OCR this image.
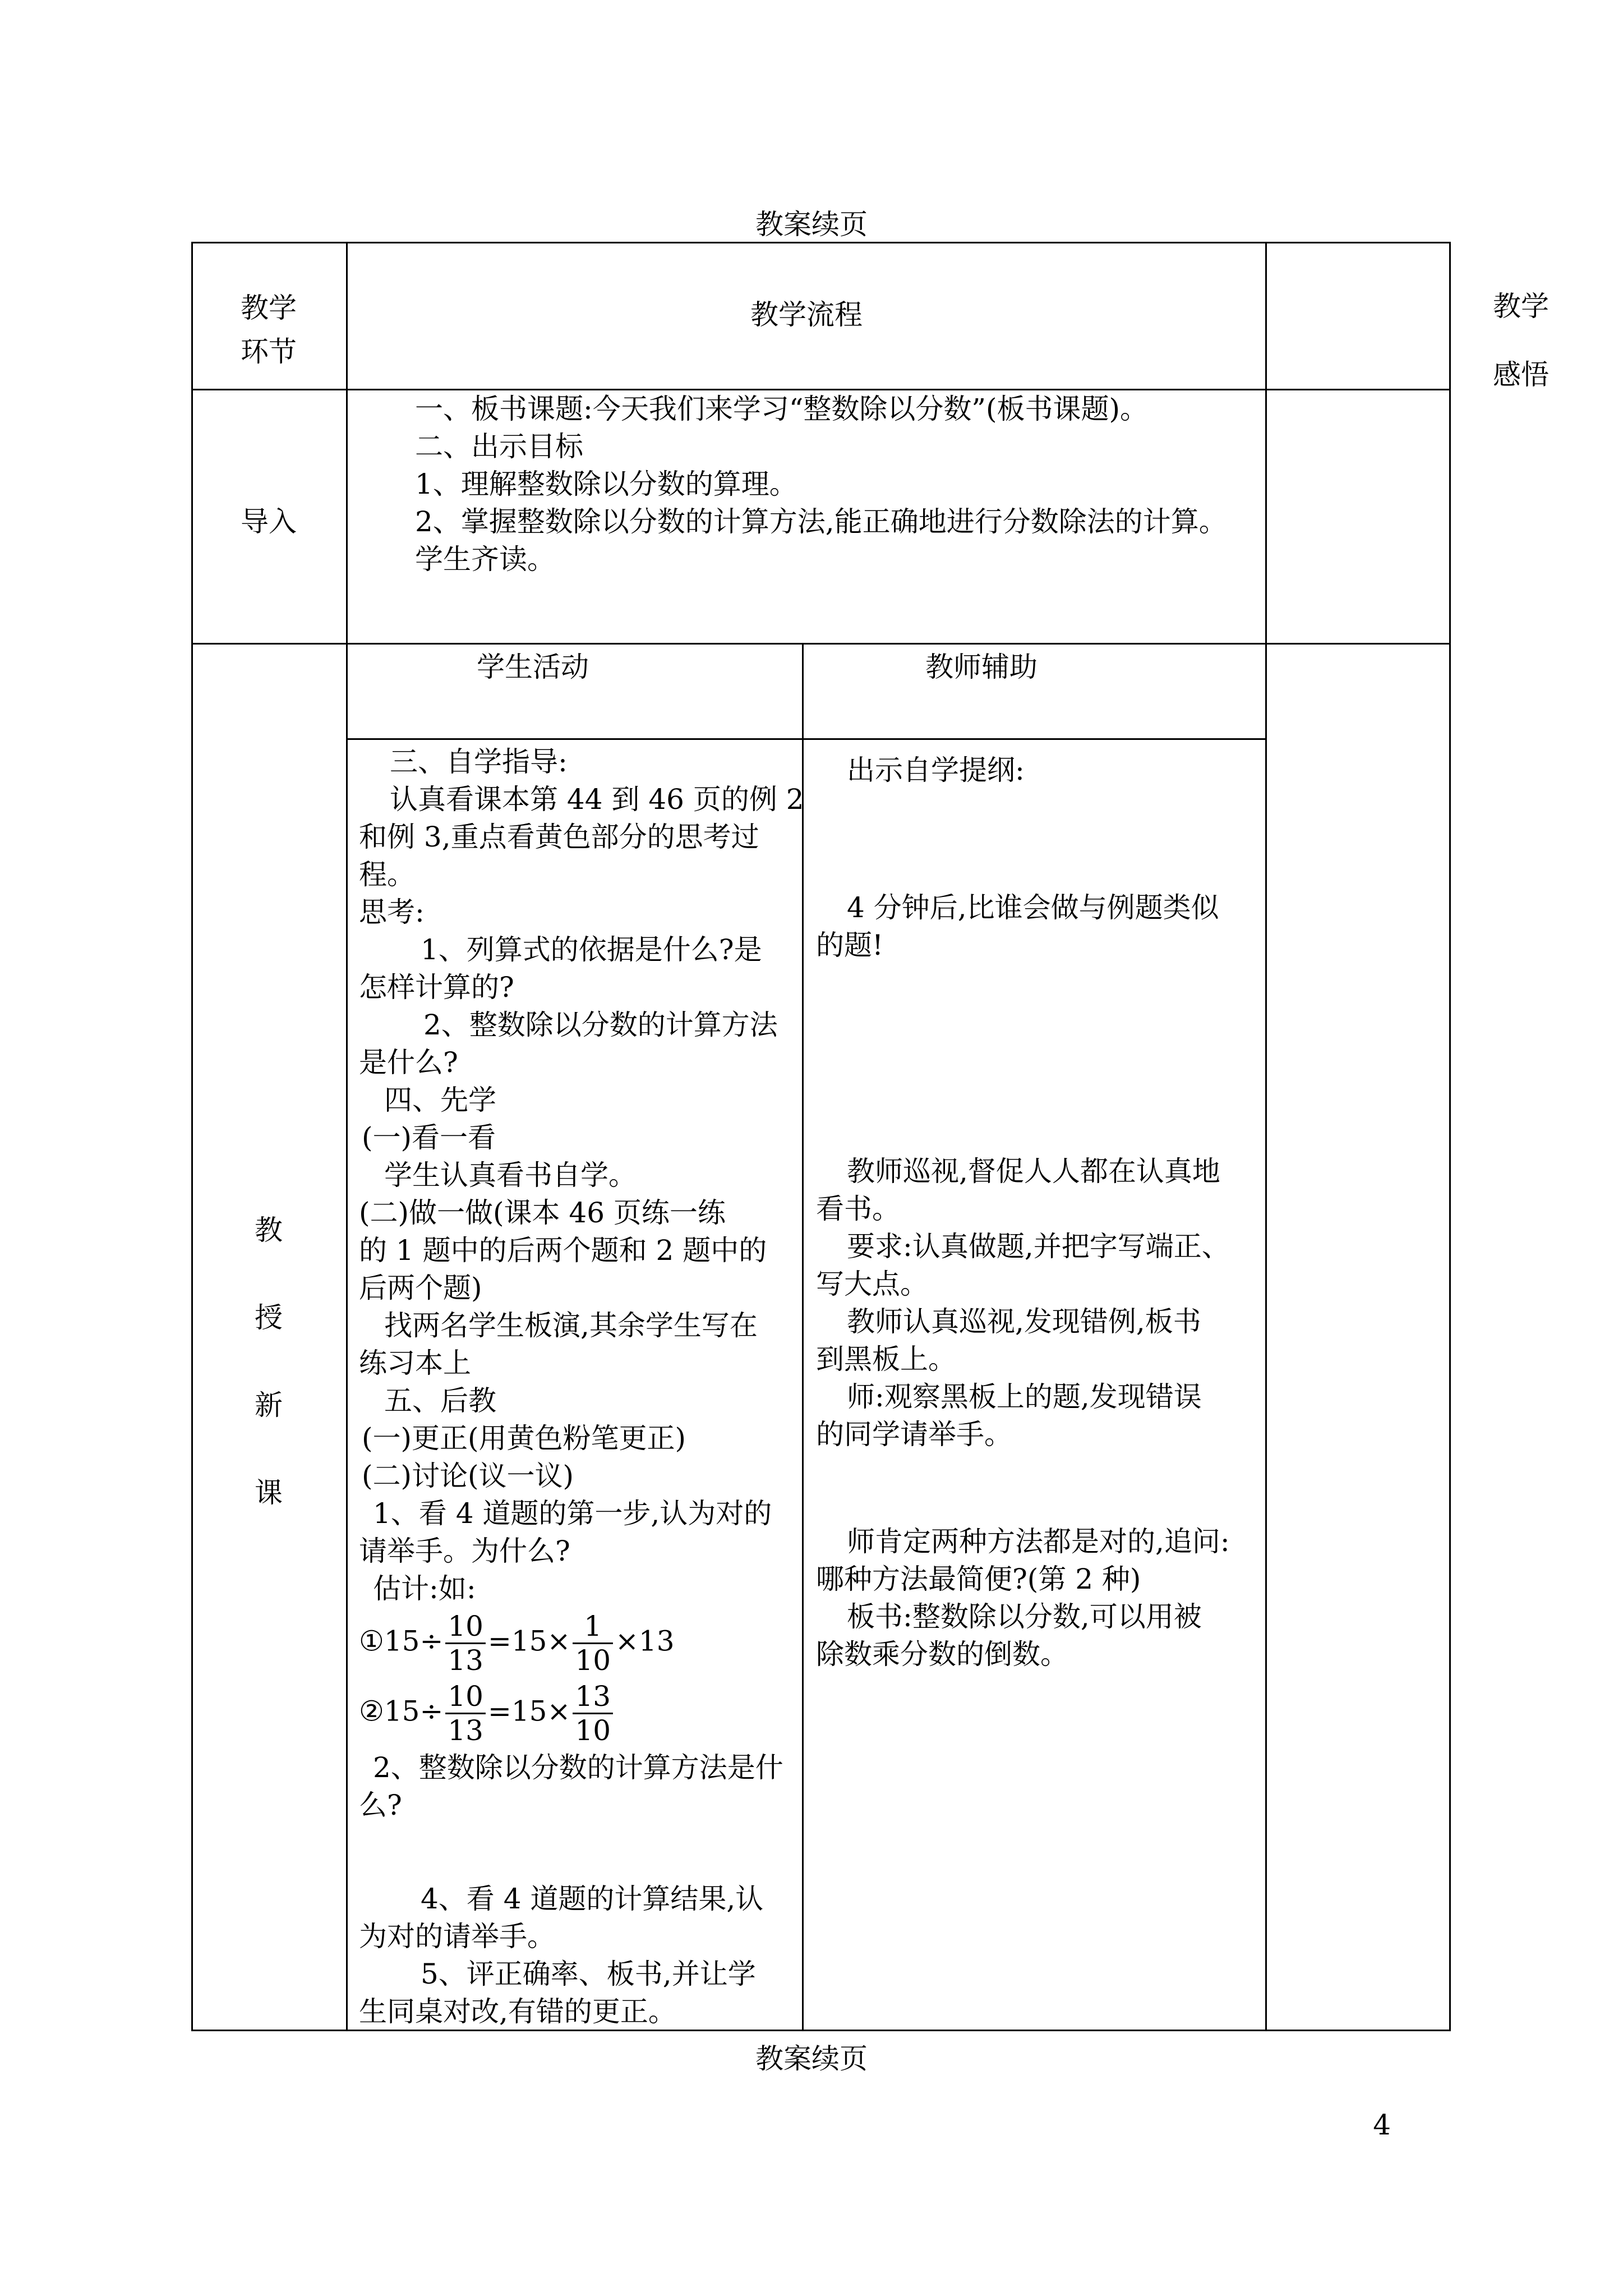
教案续页
教学
环节
教学流程	教学
感悟
导入
一、板书课题:今天我们来学习“整数除以分数”(板书课题)。
二、出示目标
1、理解整数除以分数的算理。
2、掌握整数除以分数的计算方法,能正确地进行分数除法的计算。
学生齐读。
教
授
新
课
学生活动	教师辅助
三、自学指导:
认真看课本第 44 到 46 页的例 2
和例 3,重点看黄色部分的思考过
程。
思考:
1、列算式的依据是什么?是
怎样计算的?
2、整数除以分数的计算方法
是什么?
四、先学
(一)看一看
学生认真看书自学。
(二)做一做(课本 46 页练一练
的 1 题中的后两个题和 2 题中的
后两个题)
找两名学生板演,其余学生写在
练习本上
五、后教
(一)更正(用黄色粉笔更正)
(二)讨论(议一议)
1、看 4 道题的第一步,认为对的
请举手。为什么?
估计:如:
①15÷ $\frac{10}{13} =15\times \frac{1}{10} \times 13$
②15÷ $\frac{10}{13} =15\times \frac{13}{10}$
2、整数除以分数的计算方法是什
么?
4、看 4 道题的计算结果,认
为对的请举手。
5、评正确率、板书,并让学
生同桌对改,有错的更正。
出示自学提纲:
4 分钟后,比谁会做与例题类似
的题!
教师巡视,督促人人都在认真地
看书。
要求:认真做题,并把字写端正、
写大点。
教师认真巡视,发现错例,板书
到黑板上。
师:观察黑板上的题,发现错误
的同学请举手。
师肯定两种方法都是对的,追问:
哪种方法最简便?(第 2 种)
板书:整数除以分数,可以用被
除数乘分数的倒数。
教案续页
4
